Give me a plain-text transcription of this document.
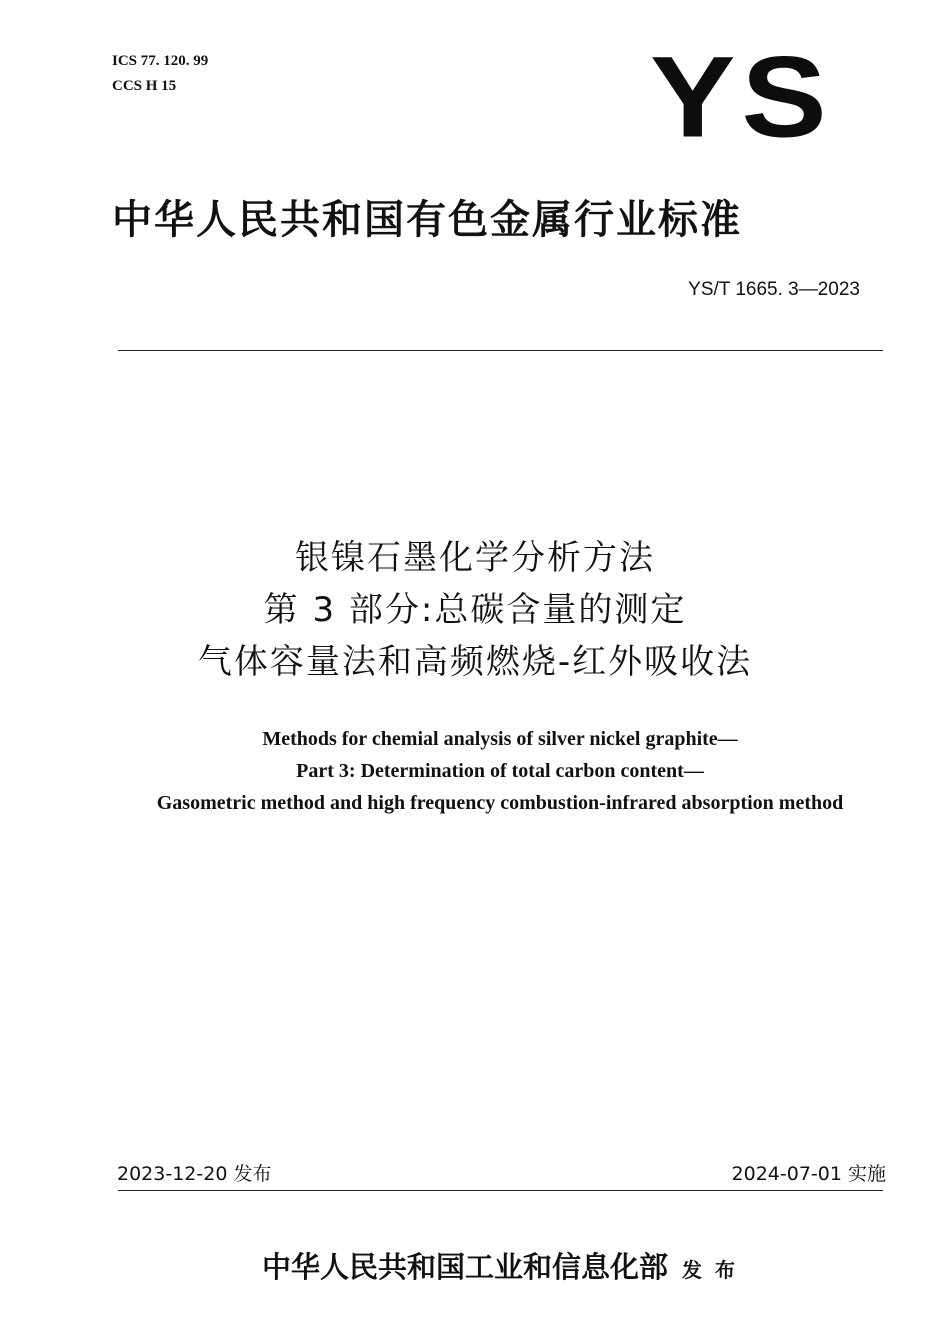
ICS 77. 120. 99
CCS H 15	YS
中华人民共和国有色金属行业标准
YS/T 1665. 3—2023
银镍石墨化学分析方法
第 3 部分:总碳含量的测定
气体容量法和高频燃烧-红外吸收法
Methods for chemial analysis of silver nickel graphite—
Part 3: Determination of total carbon content—
Gasometric method and high frequency combustion-infrared absorption method
2023-12-20 发布	2024-07-01 实施
中华人民共和国工业和信息化部 发 布
